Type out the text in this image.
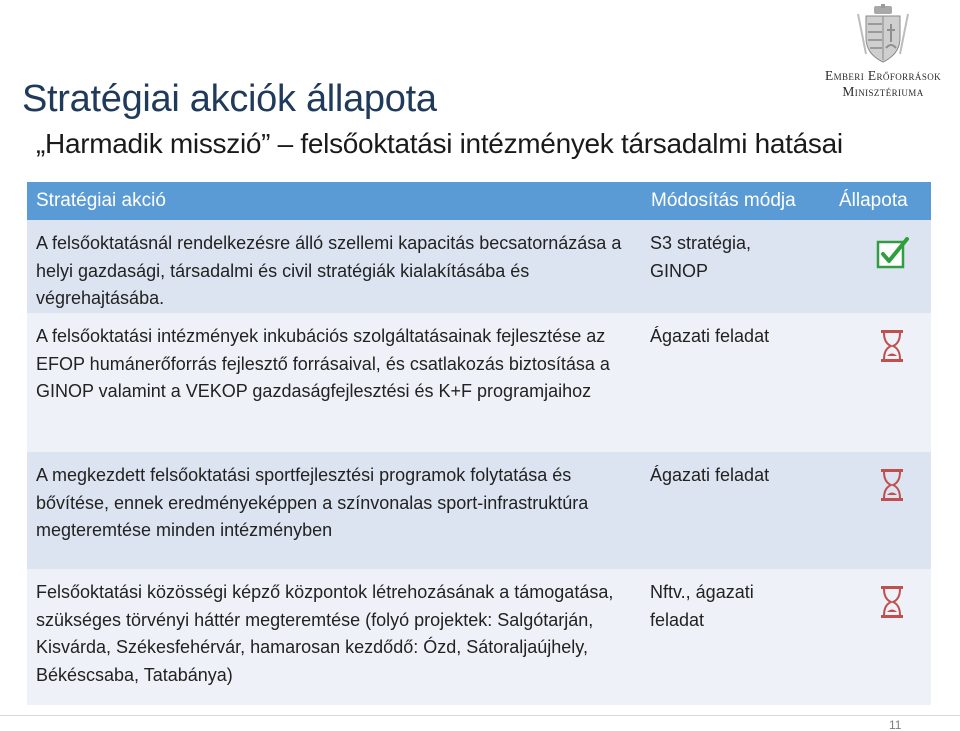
Emberi Erőforrások
Minisztériuma
Stratégiai akciók állapota
„Harmadik misszió” – felsőoktatási intézmények társadalmi hatásai
Stratégiai akció	Módosítás módja Állapota
A felsőoktatásnál rendelkezésre álló szellemi kapacitás becsatornázása a helyi gazdasági, társadalmi és civil stratégiák kialakításába és végrehajtásába.
S3 stratégia, GINOP
A felsőoktatási intézmények inkubációs szolgáltatásainak fejlesztése az EFOP humánerőforrás fejlesztő forrásaival, és csatlakozás biztosítása a GINOP valamint a VEKOP gazdaságfejlesztési és K+F programjaihoz
Ágazati feladat
A megkezdett felsőoktatási sportfejlesztési programok folytatása és bővítése, ennek eredményeképpen a színvonalas sport-infrastruktúra megteremtése minden intézményben
Ágazati feladat
Felsőoktatási közösségi képző központok létrehozásának a támogatása, szükséges törvényi háttér megteremtése (folyó projektek: Salgótarján, Kisvárda, Székesfehérvár, hamarosan kezdődő: Ózd, Sátoraljaújhely, Békéscsaba, Tatabánya)
Nftv., ágazati feladat
11
